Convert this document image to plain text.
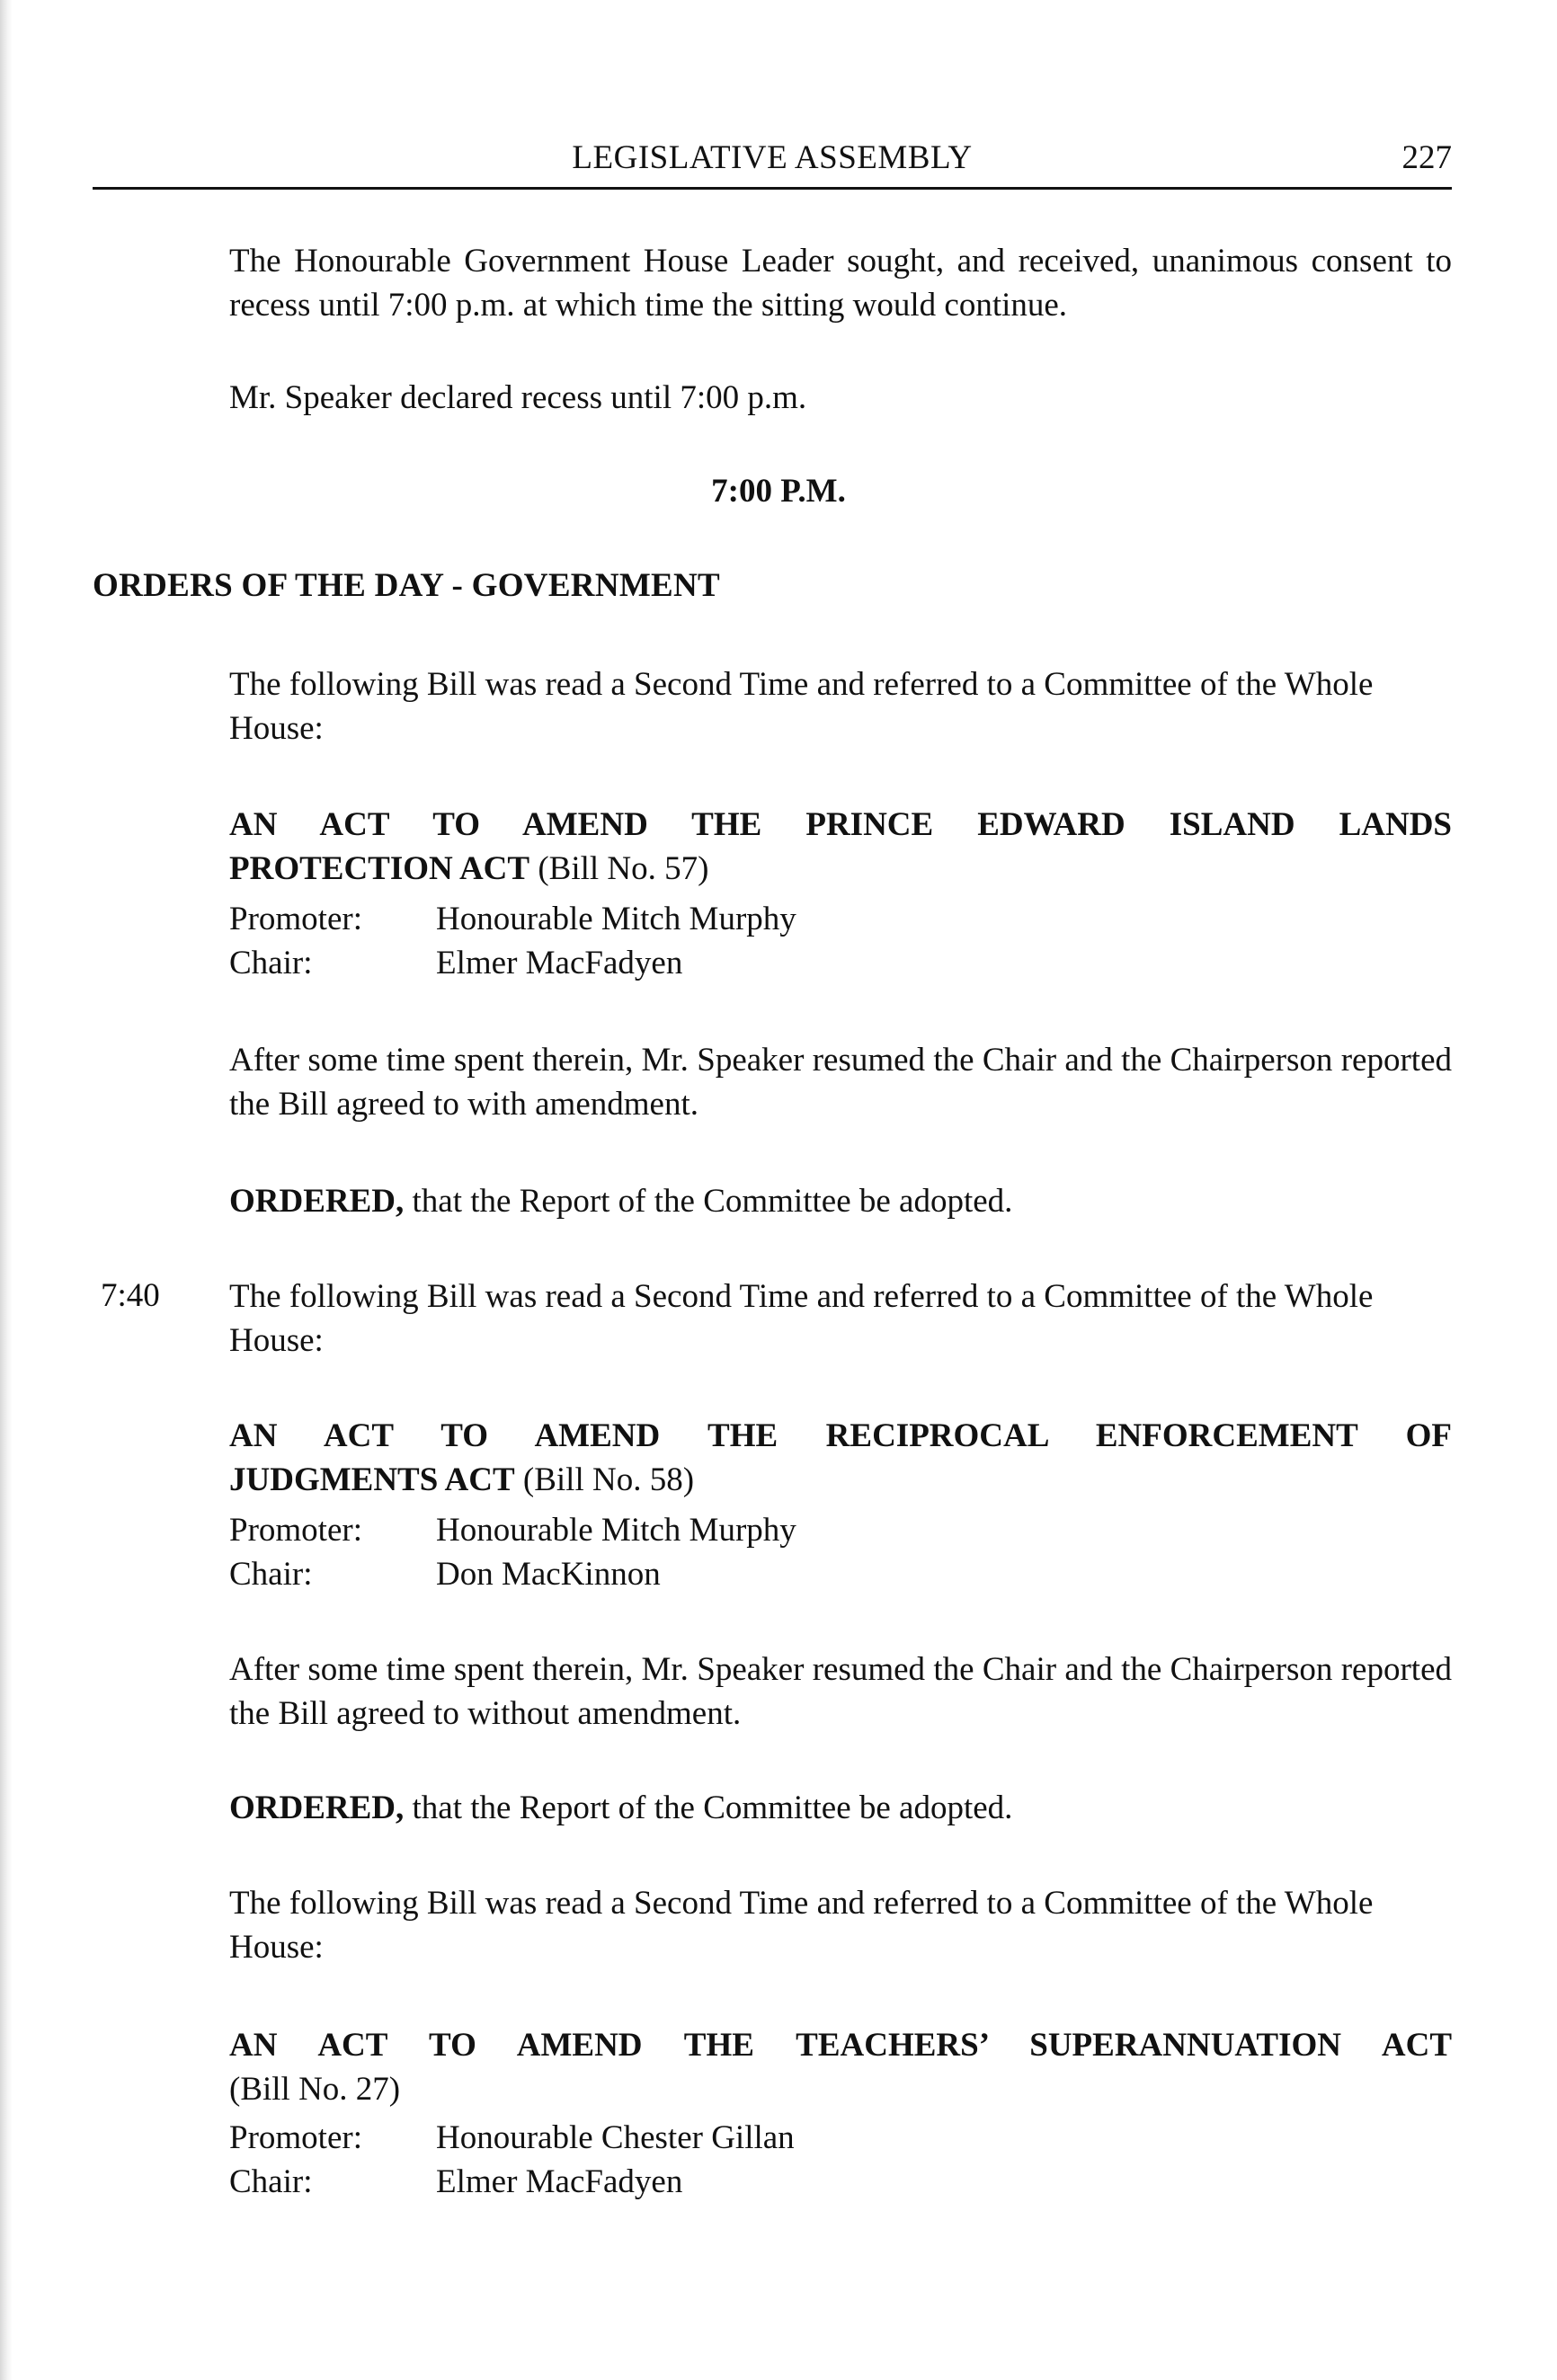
LEGISLATIVE ASSEMBLY	227

The Honourable Government House Leader sought, and received, unanimous consent to recess until 7:00 p.m. at which time the sitting would continue.

Mr. Speaker declared recess until 7:00 p.m.

7:00 P.M.
ORDERS OF THE DAY - GOVERNMENT

The following Bill was read a Second Time and referred to a Committee of the Whole House:

AN ACT TO AMEND THE PRINCE EDWARD ISLAND LANDS
PROTECTION ACT (Bill No. 57)

Promoter: Honourable Mitch Murphy
Chair:	Elmer MacFadyen

After some time spent therein, Mr. Speaker resumed the Chair and the Chairperson reported the Bill agreed to with amendment.

ORDERED, that the Report of the Committee be adopted.

7:40 The following Bill was read a Second Time and referred to a Committee of the Whole House:

AN ACT TO AMEND THE RECIPROCAL ENFORCEMENT OF
JUDGMENTS ACT (Bill No. 58)

Promoter: Honourable Mitch Murphy
Chair:	Don MacKinnon

After some time spent therein, Mr. Speaker resumed the Chair and the Chairperson reported the Bill agreed to without amendment.

ORDERED, that the Report of the Committee be adopted.

The following Bill was read a Second Time and referred to a Committee of the Whole House:

AN ACT TO AMEND THE TEACHERS’ SUPERANNUATION ACT
(Bill No. 27)

Promoter: Honourable Chester Gillan
Chair:	Elmer MacFadyen
